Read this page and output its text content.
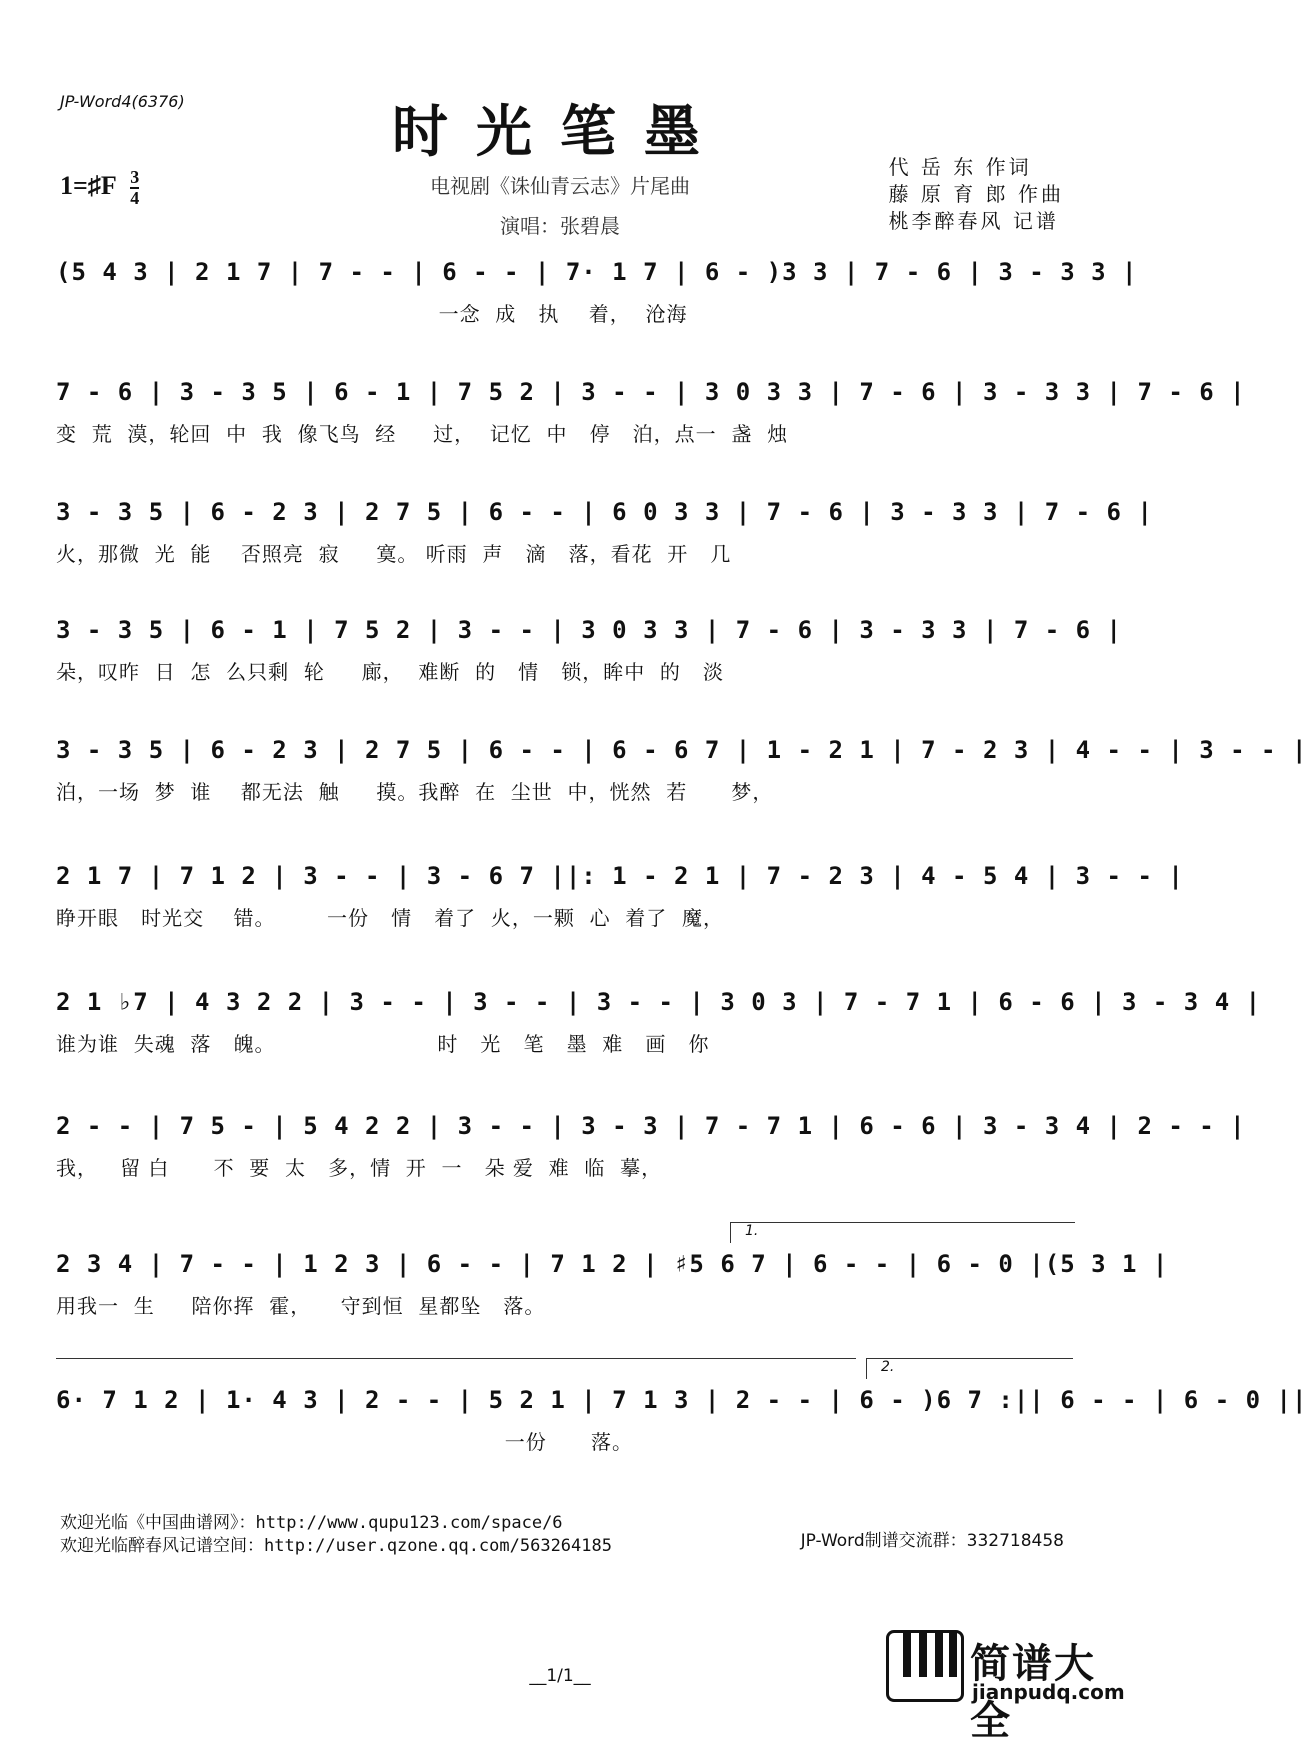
JP-Word4(6376)	时光笔墨
1=♯F $\frac{3}{4}$	电视剧《诛仙青云志》片尾曲
演唱：张碧晨
代 岳 东 作词
藤 原 育 郎 作曲
桃李醉春风 记谱
(5 4 3 | 2 1 7 | 7 - - | 6 - - | 7· 1 7 | 6 - )3 3 | 7 - 6 | 3 - 3 3 |
一念  成   执    着，  沧海
7 - 6 | 3 - 3 5 | 6 - 1 | 7 5 2 | 3 - - | 3 0 3 3 | 7 - 6 | 3 - 3 3 | 7 - 6 |
变  荒  漠，轮回  中  我  像飞鸟  经     过，  记忆  中   停   泊，点一  盏  烛
3 - 3 5 | 6 - 2 3 | 2 7 5 | 6 - - | 6 0 3 3 | 7 - 6 | 3 - 3 3 | 7 - 6 |
火，那微  光  能    否照亮  寂     寞。 听雨  声   滴   落，看花  开   几
3 - 3 5 | 6 - 1 | 7 5 2 | 3 - - | 3 0 3 3 | 7 - 6 | 3 - 3 3 | 7 - 6 |
朵，叹昨  日  怎  么只剩  轮     廊，  难断  的   情   锁，眸中  的   淡
3 - 3 5 | 6 - 2 3 | 2 7 5 | 6 - - | 6 - 6 7 | 1 - 2 1 | 7 - 2 3 | 4 - - | 3 - - |
泊，一场  梦  谁    都无法  触     摸。我醉  在  尘世  中，恍然  若      梦，
2 1 7 | 7 1 2 | 3 - - | 3 - 6 7 ||: 1 - 2 1 | 7 - 2 3 | 4 - 5 4 | 3 - - |
睁开眼   时光交    错。       一份   情   着了  火，一颗  心  着了  魔，
2 1 ♭7 | 4 3 2 2 | 3 - - | 3 - - | 3 - - | 3 0 3 | 7 - 7 1 | 6 - 6 | 3 - 3 4 |
谁为谁  失魂  落   魄。                      时   光   笔   墨  难   画   你
2 - - | 7 5 - | 5 4 2 2 | 3 - - | 3 - 3 | 7 - 7 1 | 6 - 6 | 3 - 3 4 | 2 - - |
我，   留 白      不  要  太   多，情  开  一   朵 爱  难  临  摹，
1.
2 3 4 | 7 - - | 1 2 3 | 6 - - | 7 1 2 | ♯5 6 7 | 6 - - | 6 - 0 |(5 3 1 |
用我一  生     陪你挥  霍，    守到恒  星都坠   落。
2.
6· 7 1 2 | 1· 4 3 | 2 - - | 5 2 1 | 7 1 3 | 2 - - | 6 - )6 7 :|| 6 - - | 6 - 0 ||
一份      落。
欢迎光临《中国曲谱网》：http://www.qupu123.com/space/6
欢迎光临醉春风记谱空间：http://user.qzone.qq.com/563264185	JP-Word制谱交流群：332718458
__1/1__	简谱大全
jianpudq.com
